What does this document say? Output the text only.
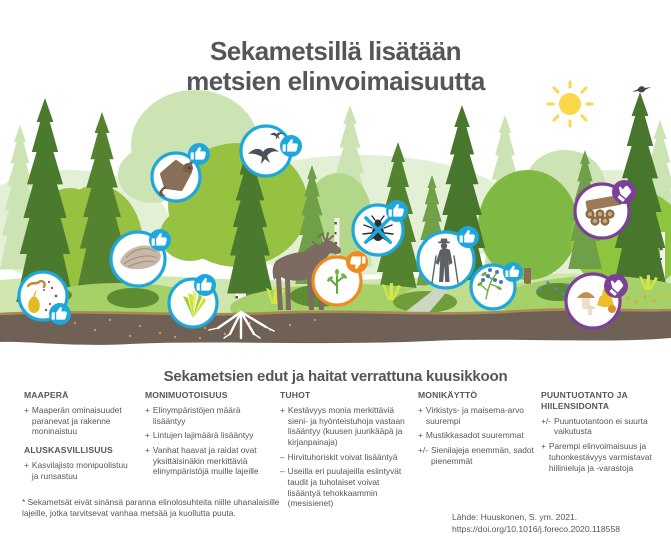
Sekametsillä lisätään
metsien elinvoimaisuutta
Sekametsien edut ja haitat verrattuna kuusikkoon
MAAPERÄ
+ Maaperän ominaisuudet paranevat ja rakenne moninaistuu
ALUSKASVILLISUUS
+ Kasvilajisto monipuolistuu ja runsastuu
MONIMUOTOISUUS
+ Elinympäristöjen määrä lisääntyy
+ Lintujen lajimäärä lisääntyy
+ Vanhat haavat ja raidat ovat yksittäisinäkin merkittäviä elinympäristöjä muille lajeille
TUHOT
+ Kestävyys monia merkittäviä sieni- ja hyönteistuhoja vastaan lisääntyy (kuusen juurikääpä ja kirjanpainaja)
– Hirvituhoriskit voivat lisääntyä
– Useilla eri puulajeilla esiintyvät taudit ja tuholaiset voivat lisääntyä tehokkaammin (mesisienet)
MONIKÄYTTÖ
+ Virkistys- ja maisema-arvo suurempi
+ Mustikkasadot suuremmat
+/- Sienilajeja enemmän, sadot pienemmät
PUUNTUOTANTO JA HIILENSIDONTA
+/- Puuntuotantoon ei suurta vaikutusta
+ Parempi elinvoimaisuus ja tuhonkestävyys varmistavat hiilinieluja ja -varastoja
* Sekametsät eivät sinänsä paranna elinolosuhteita niille uhanalaisille lajeille, jotka tarvitsevat vanhaa metsää ja kuollutta puuta.	Lähde: Huuskonen, S. ym. 2021.
https://doi.org/10.1016/j.foreco.2020.118558
